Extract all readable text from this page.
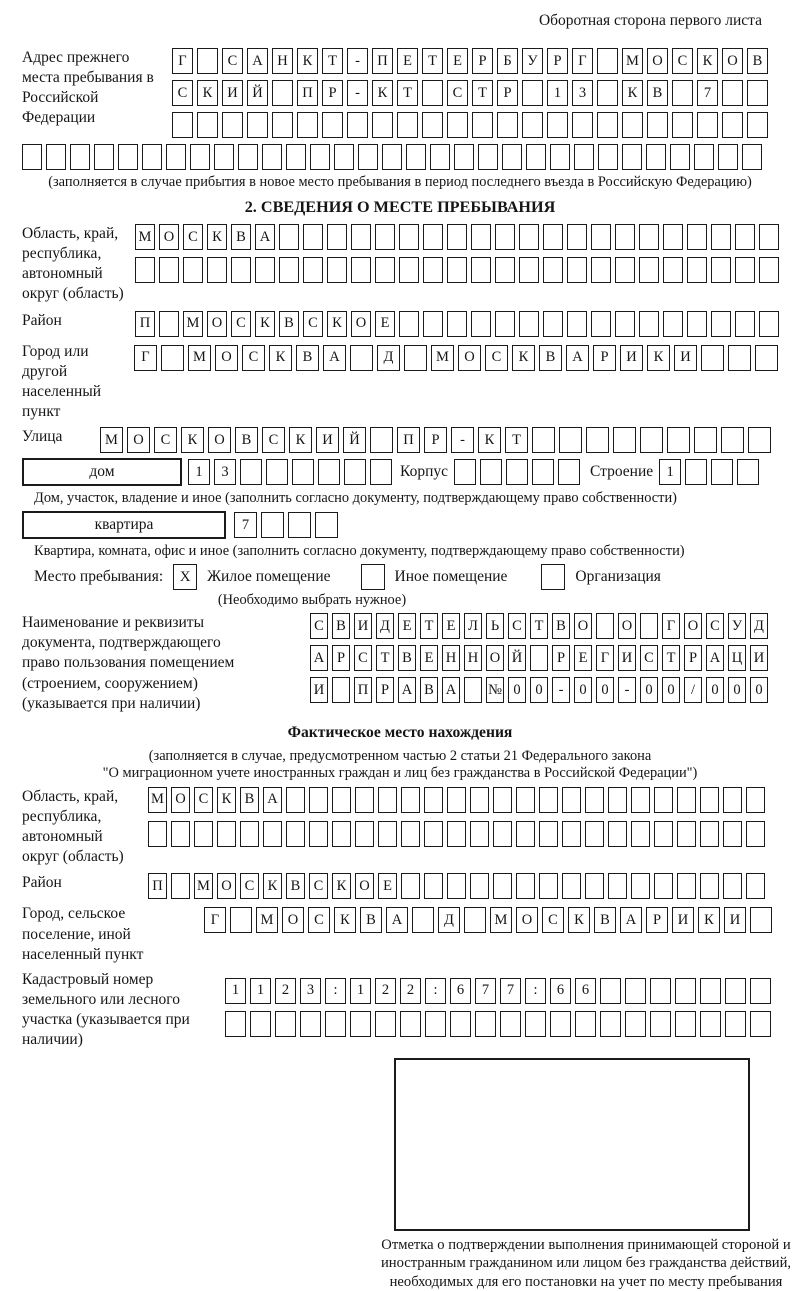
Оборотная сторона первого листа
Адрес прежнего места пребывания в Российской Федерации
Г	С	А	Н	К	Т	-	П	Е	Т	Е	Р	Б	У	Р	Г	М О	С	К	О	В
С	К	И	Й	П	Р	-	К	Т	С	Т	Р	1	3	К	В	7
(заполняется в случае прибытия в новое место пребывания в период последнего въезда в Российскую Федерацию)
2. СВЕДЕНИЯ О МЕСТЕ ПРЕБЫВАНИЯ
Область, край, республика, автономный округ (область)
М О С К В А
Район	П	М О С К В С К О Е
Город или другой населенный пункт
Г	М	О	С	К	В	А	Д	М	О	С	К	В	А	Р	И	К	И
Улица	М	О	С	К	О	В	С	К	И	Й	П	Р	-	К	Т
дом	1	3	Корпус	Строение 1
Дом, участок, владение и иное (заполнить согласно документу, подтверждающему право собственности)
квартира	7
Квартира, комната, офис и иное (заполнить согласно документу, подтверждающему право собственности)
Место пребывания:	X	Жилое помещение	Иное помещение	Организация
(Необходимо выбрать нужное)
Наименование и реквизиты документа, подтверждающего право пользования помещением (строением, сооружением) (указывается при наличии)
С В И Д Е Т Е Л Ь С Т В О О	Г О С У Д
А Р С Т В Е Н Н О Й	Р Е Г И С Т Р А Ц И
И П Р А В А № 0	0	-	0	0	-	0	0	/	0	0	0
Фактическое место нахождения
(заполняется в случае, предусмотренном частью 2 статьи 21 Федерального закона
"О миграционном учете иностранных граждан и лиц без гражданства в Российской Федерации")
Область, край, республика, автономный округ (область)
М О С К В А
Район	П М О С К В С К О Е
Город, сельское поселение, иной населенный пункт
Г	М О	С	К	В	А	Д	М О	С	К	В	А	Р	И	К	И
Кадастровый номер земельного или лесного участка (указывается при наличии)
1	1	2	3	:	1	2	2	:	6	7	7	:	6	6
Отметка о подтверждении выполнения принимающей стороной и иностранным гражданином или лицом без гражданства действий, необходимых для его постановки на учет по месту пребывания
